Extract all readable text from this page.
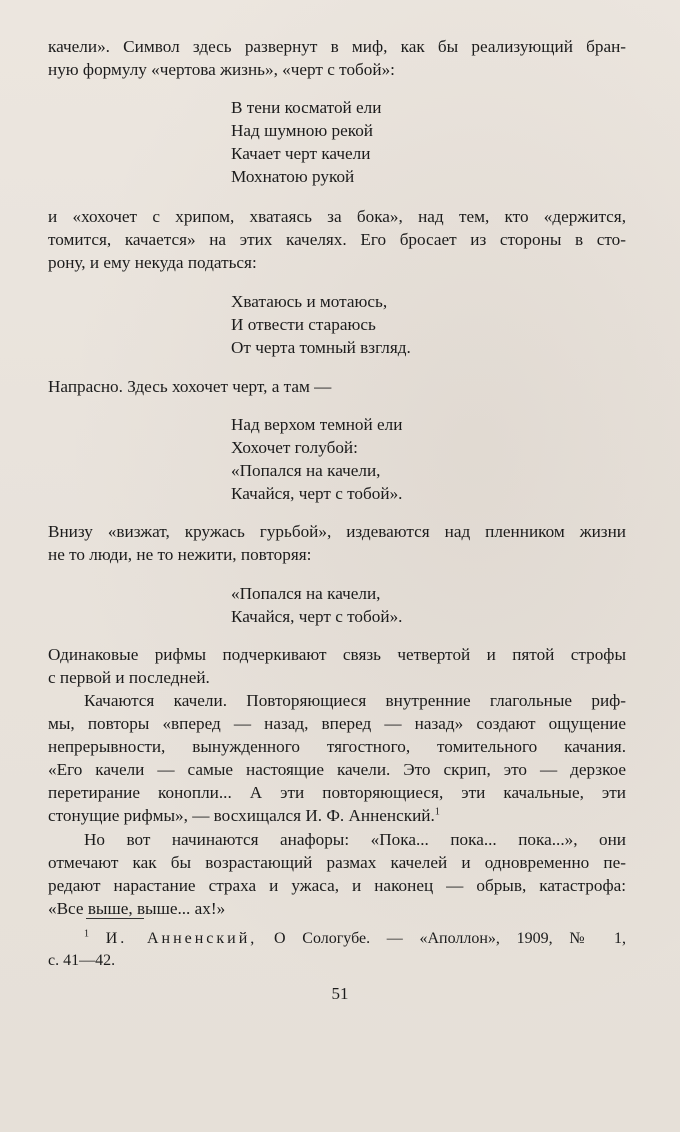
качели». Символ здесь развернут в миф, как бы реализующий бран-
ную формулу «чертова жизнь», «черт с тобой»:
В тени косматой ели
Над шумною рекой
Качает черт качели
Мохнатою рукой
и «хохочет с хрипом, хватаясь за бока», над тем, кто «держится,
томится, качается» на этих качелях. Его бросает из стороны в сто-
рону, и ему некуда податься:
Хватаюсь и мотаюсь,
И отвести стараюсь
От черта томный взгляд.
Напрасно. Здесь хохочет черт, а там —
Над верхом темной ели
Хохочет голубой:
«Попался на качели,
Качайся, черт с тобой».
Внизу «визжат, кружась гурьбой», издеваются над пленником жизни
не то люди, не то нежити, повторяя:
«Попался на качели,
Качайся, черт с тобой».
Одинаковые рифмы подчеркивают связь четвертой и пятой строфы
с первой и последней.
Качаются качели. Повторяющиеся внутренние глагольные риф-
мы, повторы «вперед — назад, вперед — назад» создают ощущение
непрерывности, вынужденного тягостного, томительного качания.
«Его качели — самые настоящие качели. Это скрип, это — дерзкое
перетирание конопли... А эти повторяющиеся, эти качальные, эти
стонущие рифмы», — восхищался И. Ф. Анненский.$^1$
Но вот начинаются анафоры: «Пока... пока... пока...», они
отмечают как бы возрастающий размах качелей и одновременно пе-
редают нарастание страха и ужаса, и наконец — обрыв, катастрофа:
«Все выше, выше... ах!»
$^1$ И. Анненский, О Сологубе. — «Аполлон», 1909, № 1,
с. 41—42.
51
